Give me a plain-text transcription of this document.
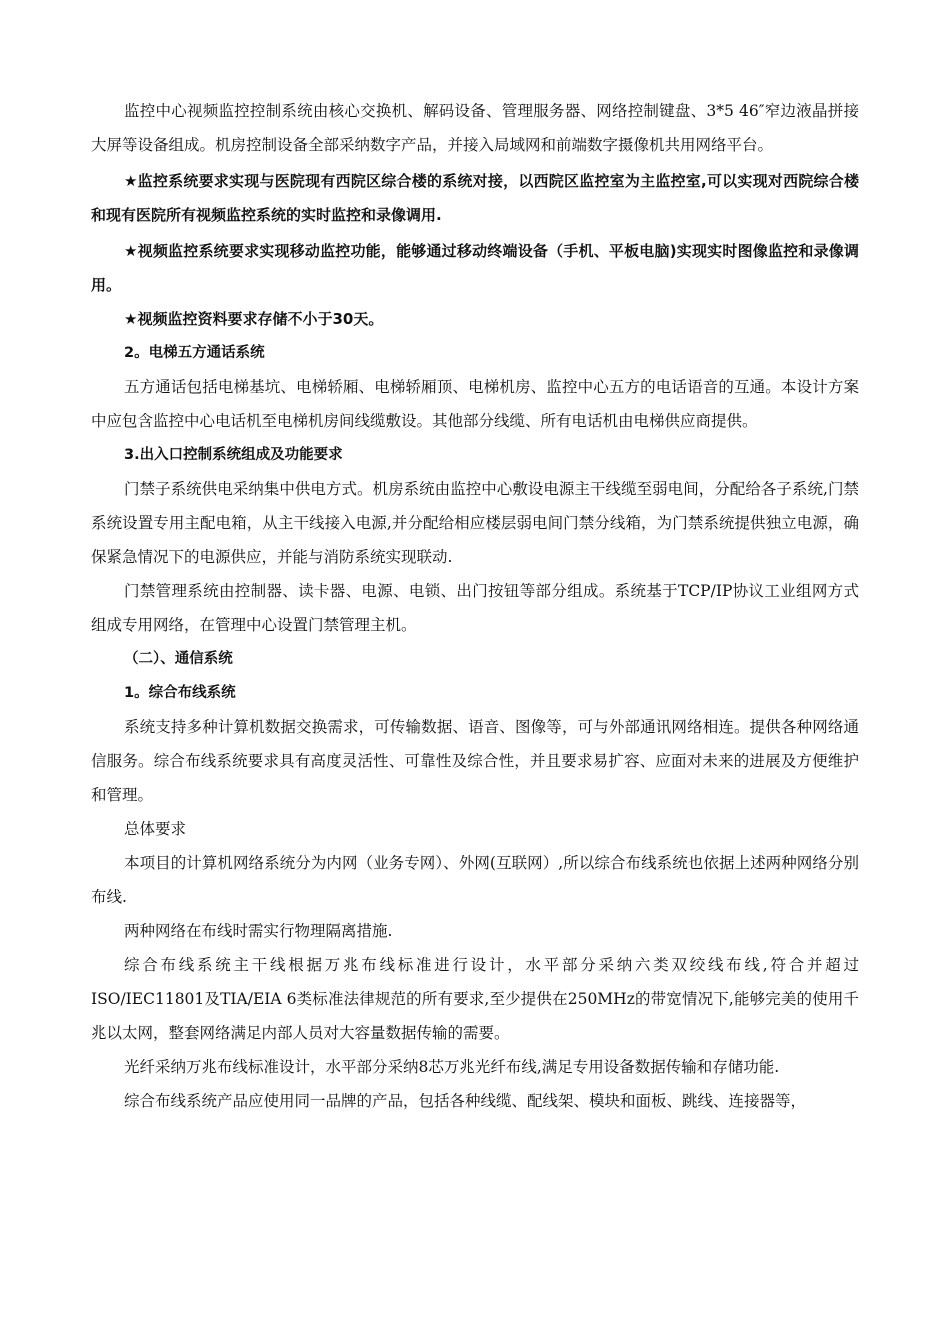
监控中心视频监控控制系统由核心交换机、解码设备、管理服务器、网络控制键盘、3*5 46″窄边液晶拼接大屏等设备组成。机房控制设备全部采纳数字产品，并接入局域网和前端数字摄像机共用网络平台。

★监控系统要求实现与医院现有西院区综合楼的系统对接，以西院区监控室为主监控室,可以实现对西院综合楼和现有医院所有视频监控系统的实时监控和录像调用.

★视频监控系统要求实现移动监控功能，能够通过移动终端设备（手机、平板电脑)实现实时图像监控和录像调用。

★视频监控资料要求存储不小于30天。

2。电梯五方通话系统

五方通话包括电梯基坑、电梯轿厢、电梯轿厢顶、电梯机房、监控中心五方的电话语音的互通。本设计方案中应包含监控中心电话机至电梯机房间线缆敷设。其他部分线缆、所有电话机由电梯供应商提供。

3.出入口控制系统组成及功能要求

门禁子系统供电采纳集中供电方式。机房系统由监控中心敷设电源主干线缆至弱电间，分配给各子系统,门禁系统设置专用主配电箱，从主干线接入电源,并分配给相应楼层弱电间门禁分线箱，为门禁系统提供独立电源，确保紧急情况下的电源供应，并能与消防系统实现联动.

门禁管理系统由控制器、读卡器、电源、电锁、出门按钮等部分组成。系统基于TCP/IP协议工业组网方式组成专用网络，在管理中心设置门禁管理主机。

（二）、通信系统

1。综合布线系统

系统支持多种计算机数据交换需求，可传输数据、语音、图像等，可与外部通讯网络相连。提供各种网络通信服务。综合布线系统要求具有高度灵活性、可靠性及综合性，并且要求易扩容、应面对未来的进展及方便维护和管理。

总体要求

本项目的计算机网络系统分为内网（业务专网）、外网(互联网）,所以综合布线系统也依据上述两种网络分别布线.

两种网络在布线时需实行物理隔离措施.

综合布线系统主干线根据万兆布线标准进行设计，水平部分采纳六类双绞线布线,符合并超过ISO/IEC11801及TIA/EIA 6类标准法律规范的所有要求,至少提供在250MHz的带宽情况下,能够完美的使用千兆以太网，整套网络满足内部人员对大容量数据传输的需要。

光纤采纳万兆布线标准设计，水平部分采纳8芯万兆光纤布线,满足专用设备数据传输和存储功能.

综合布线系统产品应使用同一品牌的产品，包括各种线缆、配线架、模块和面板、跳线、连接器等，
